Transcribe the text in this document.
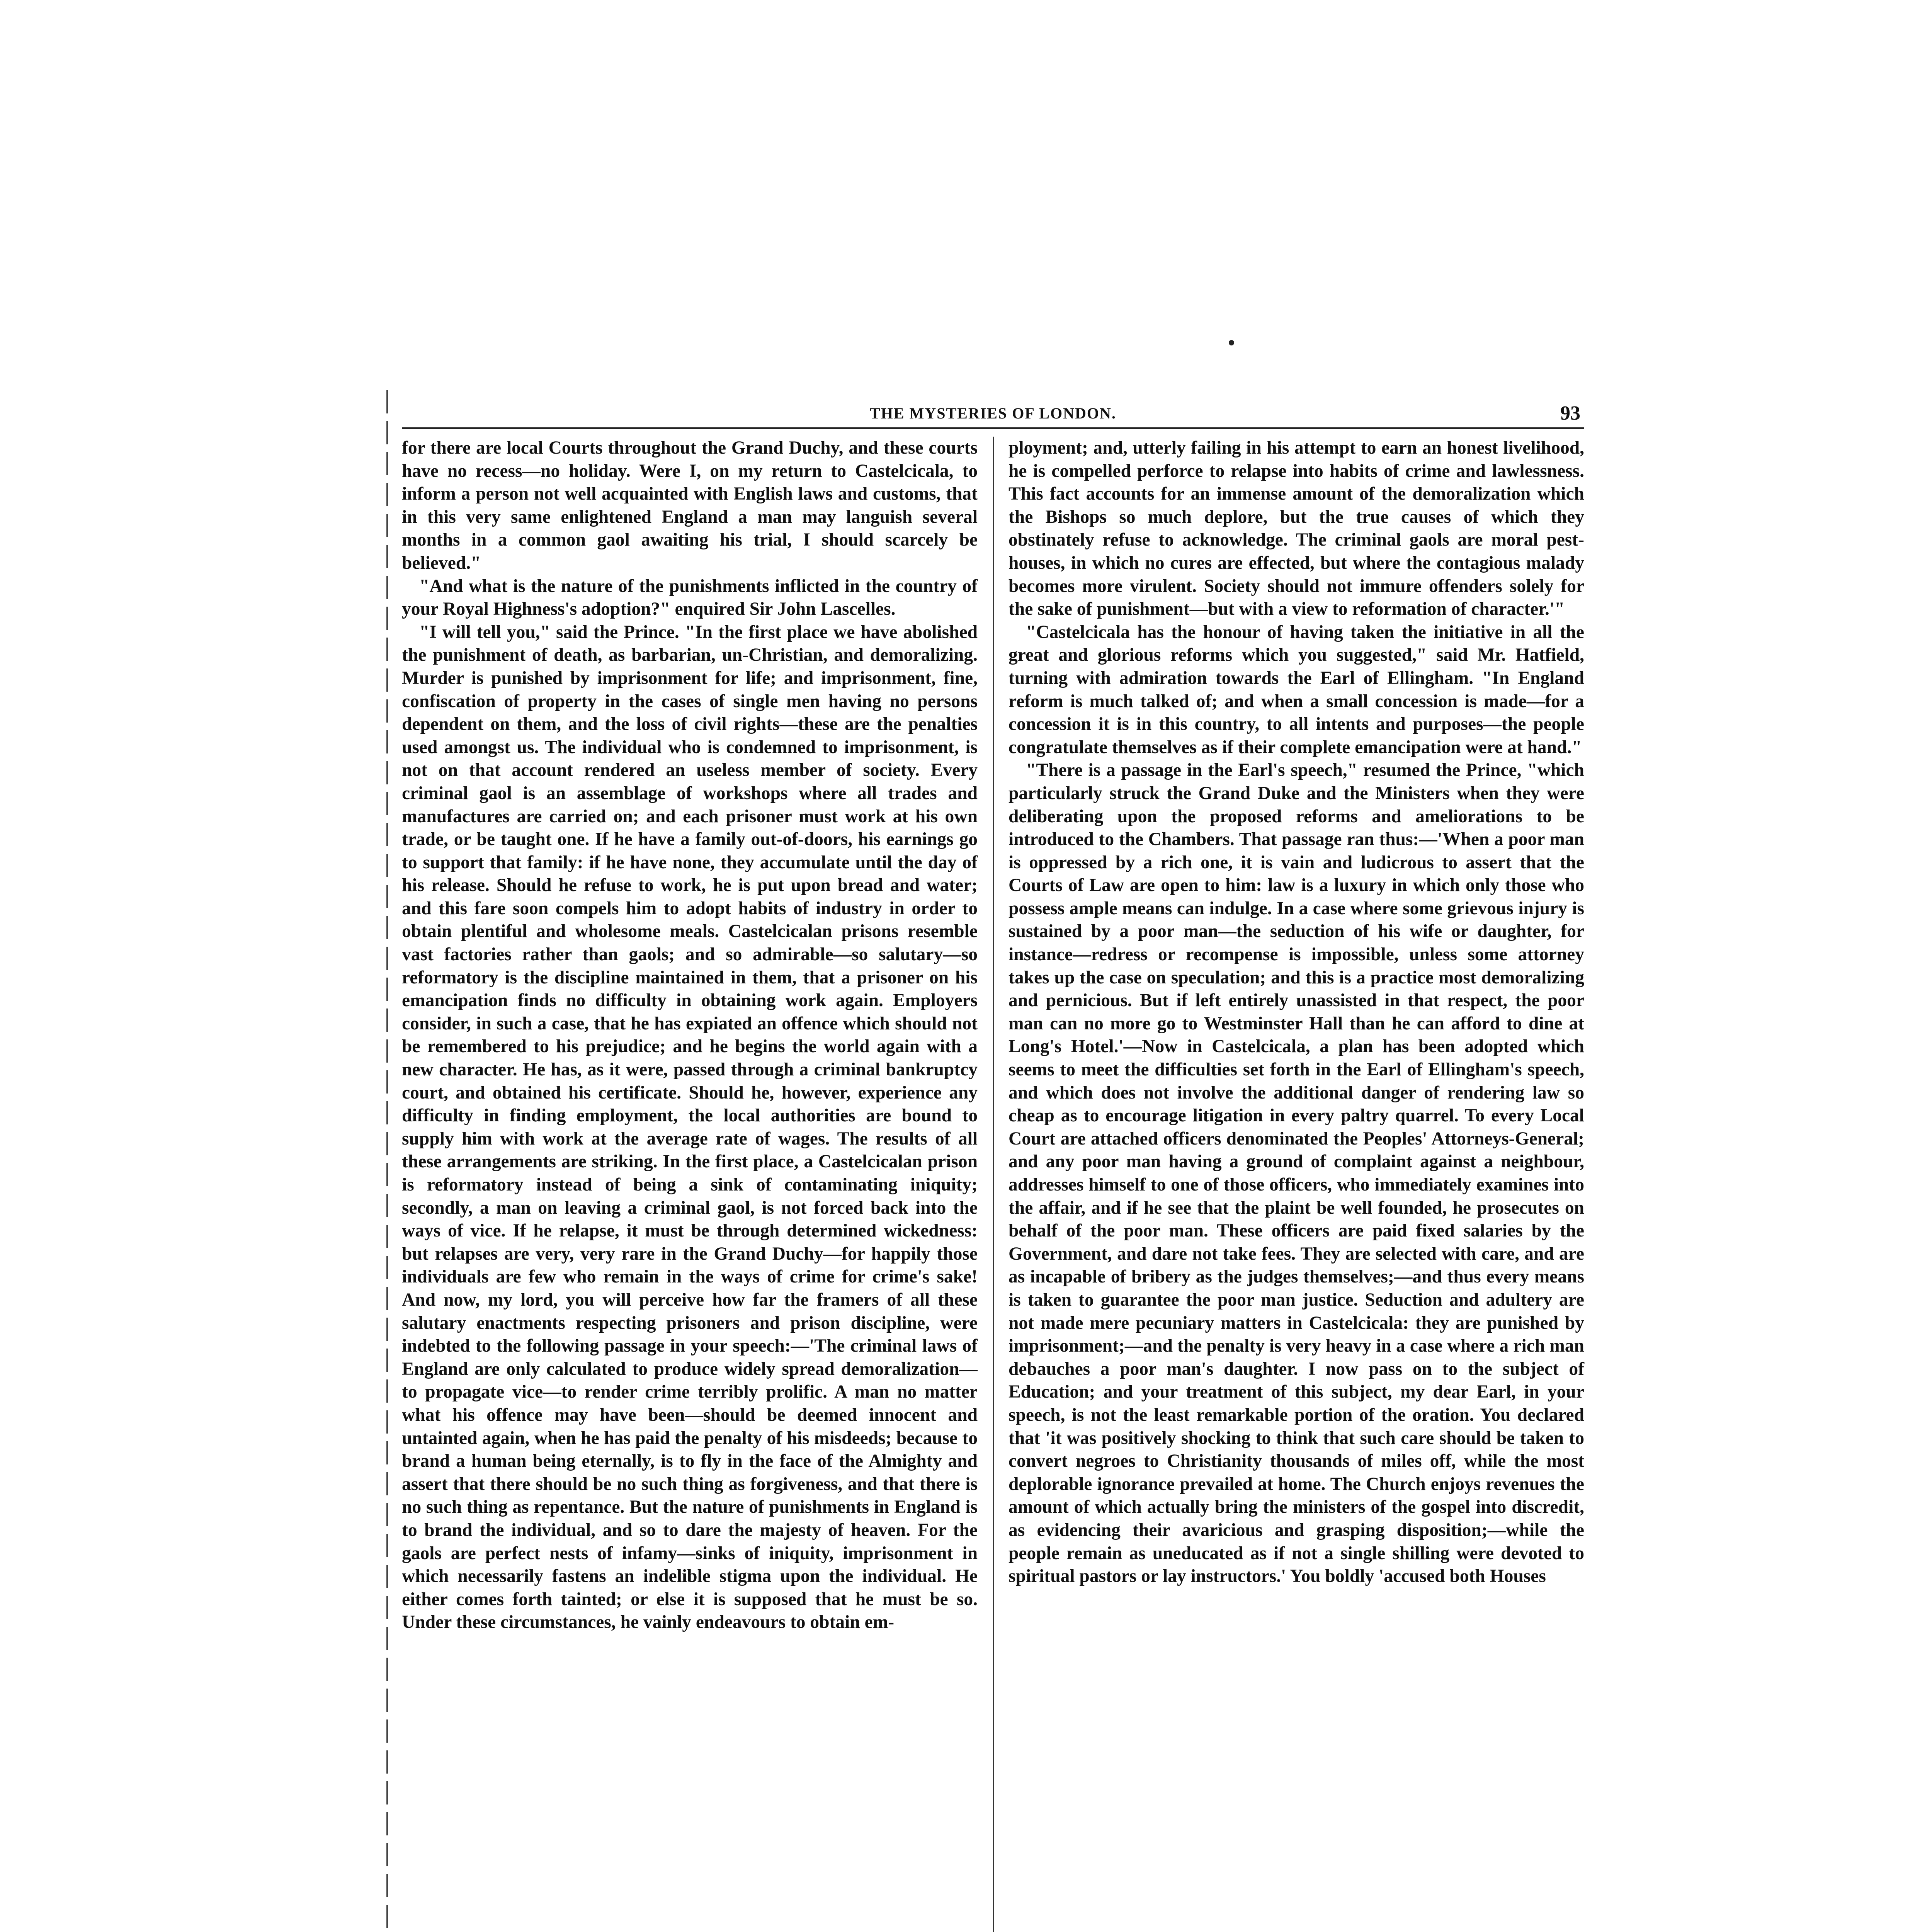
THE MYSTERIES OF LONDON.	93

for there are local Courts throughout the Grand Duchy, and these courts have no recess—no holiday. Were I, on my return to Castelcicala, to inform a person not well acquainted with English laws and customs, that in this very same enlightened England a man may languish several months in a common gaol awaiting his trial, I should scarcely be believed."

"And what is the nature of the punishments inflicted in the country of your Royal Highness's adoption?" enquired Sir John Lascelles.

"I will tell you," said the Prince. "In the first place we have abolished the punishment of death, as barbarian, un-Christian, and demoralizing. Murder is punished by imprisonment for life; and imprisonment, fine, confiscation of property in the cases of single men having no persons dependent on them, and the loss of civil rights—these are the penalties used amongst us. The individual who is condemned to imprisonment, is not on that account rendered an useless member of society. Every criminal gaol is an assemblage of workshops where all trades and manufactures are carried on; and each prisoner must work at his own trade, or be taught one. If he have a family out-of-doors, his earnings go to support that family: if he have none, they accumulate until the day of his release. Should he refuse to work, he is put upon bread and water; and this fare soon compels him to adopt habits of industry in order to obtain plentiful and wholesome meals. Castelcicalan prisons resemble vast factories rather than gaols; and so admirable—so salutary—so reformatory is the discipline maintained in them, that a prisoner on his emancipation finds no difficulty in obtaining work again. Employers consider, in such a case, that he has expiated an offence which should not be remembered to his prejudice; and he begins the world again with a new character. He has, as it were, passed through a criminal bankruptcy court, and obtained his certificate. Should he, however, experience any difficulty in finding employment, the local authorities are bound to supply him with work at the average rate of wages. The results of all these arrangements are striking. In the first place, a Castelcicalan prison is reformatory instead of being a sink of contaminating iniquity; secondly, a man on leaving a criminal gaol, is not forced back into the ways of vice. If he relapse, it must be through determined wickedness: but relapses are very, very rare in the Grand Duchy—for happily those individuals are few who remain in the ways of crime for crime's sake! And now, my lord, you will perceive how far the framers of all these salutary enactments respecting prisoners and prison discipline, were indebted to the following passage in your speech:—'The criminal laws of England are only calculated to produce widely spread demoralization—to propagate vice—to render crime terribly prolific. A man no matter what his offence may have been—should be deemed innocent and untainted again, when he has paid the penalty of his misdeeds; because to brand a human being eternally, is to fly in the face of the Almighty and assert that there should be no such thing as forgiveness, and that there is no such thing as repentance. But the nature of punishments in England is to brand the individual, and so to dare the majesty of heaven. For the gaols are perfect nests of infamy—sinks of iniquity, imprisonment in which necessarily fastens an indelible stigma upon the individual. He either comes forth tainted; or else it is supposed that he must be so. Under these circumstances, he vainly endeavours to obtain em-

ployment; and, utterly failing in his attempt to earn an honest livelihood, he is compelled perforce to relapse into habits of crime and lawlessness. This fact accounts for an immense amount of the demoralization which the Bishops so much deplore, but the true causes of which they obstinately refuse to acknowledge. The criminal gaols are moral pest-houses, in which no cures are effected, but where the contagious malady becomes more virulent. Society should not immure offenders solely for the sake of punishment—but with a view to reformation of character.'"

"Castelcicala has the honour of having taken the initiative in all the great and glorious reforms which you suggested," said Mr. Hatfield, turning with admiration towards the Earl of Ellingham. "In England reform is much talked of; and when a small concession is made—for a concession it is in this country, to all intents and purposes—the people congratulate themselves as if their complete emancipation were at hand."

"There is a passage in the Earl's speech," resumed the Prince, "which particularly struck the Grand Duke and the Ministers when they were deliberating upon the proposed reforms and ameliorations to be introduced to the Chambers. That passage ran thus:—'When a poor man is oppressed by a rich one, it is vain and ludicrous to assert that the Courts of Law are open to him: law is a luxury in which only those who possess ample means can indulge. In a case where some grievous injury is sustained by a poor man—the seduction of his wife or daughter, for instance—redress or recompense is impossible, unless some attorney takes up the case on speculation; and this is a practice most demoralizing and pernicious. But if left entirely unassisted in that respect, the poor man can no more go to Westminster Hall than he can afford to dine at Long's Hotel.'—Now in Castelcicala, a plan has been adopted which seems to meet the difficulties set forth in the Earl of Ellingham's speech, and which does not involve the additional danger of rendering law so cheap as to encourage litigation in every paltry quarrel. To every Local Court are attached officers denominated the Peoples' Attorneys-General; and any poor man having a ground of complaint against a neighbour, addresses himself to one of those officers, who immediately examines into the affair, and if he see that the plaint be well founded, he prosecutes on behalf of the poor man. These officers are paid fixed salaries by the Government, and dare not take fees. They are selected with care, and are as incapable of bribery as the judges themselves;—and thus every means is taken to guarantee the poor man justice. Seduction and adultery are not made mere pecuniary matters in Castelcicala: they are punished by imprisonment;—and the penalty is very heavy in a case where a rich man debauches a poor man's daughter. I now pass on to the subject of Education; and your treatment of this subject, my dear Earl, in your speech, is not the least remarkable portion of the oration. You declared that 'it was positively shocking to think that such care should be taken to convert negroes to Christianity thousands of miles off, while the most deplorable ignorance prevailed at home. The Church enjoys revenues the amount of which actually bring the ministers of the gospel into discredit, as evidencing their avaricious and grasping disposition;—while the people remain as uneducated as if not a single shilling were devoted to spiritual pastors or lay instructors.' You boldly 'accused both Houses
